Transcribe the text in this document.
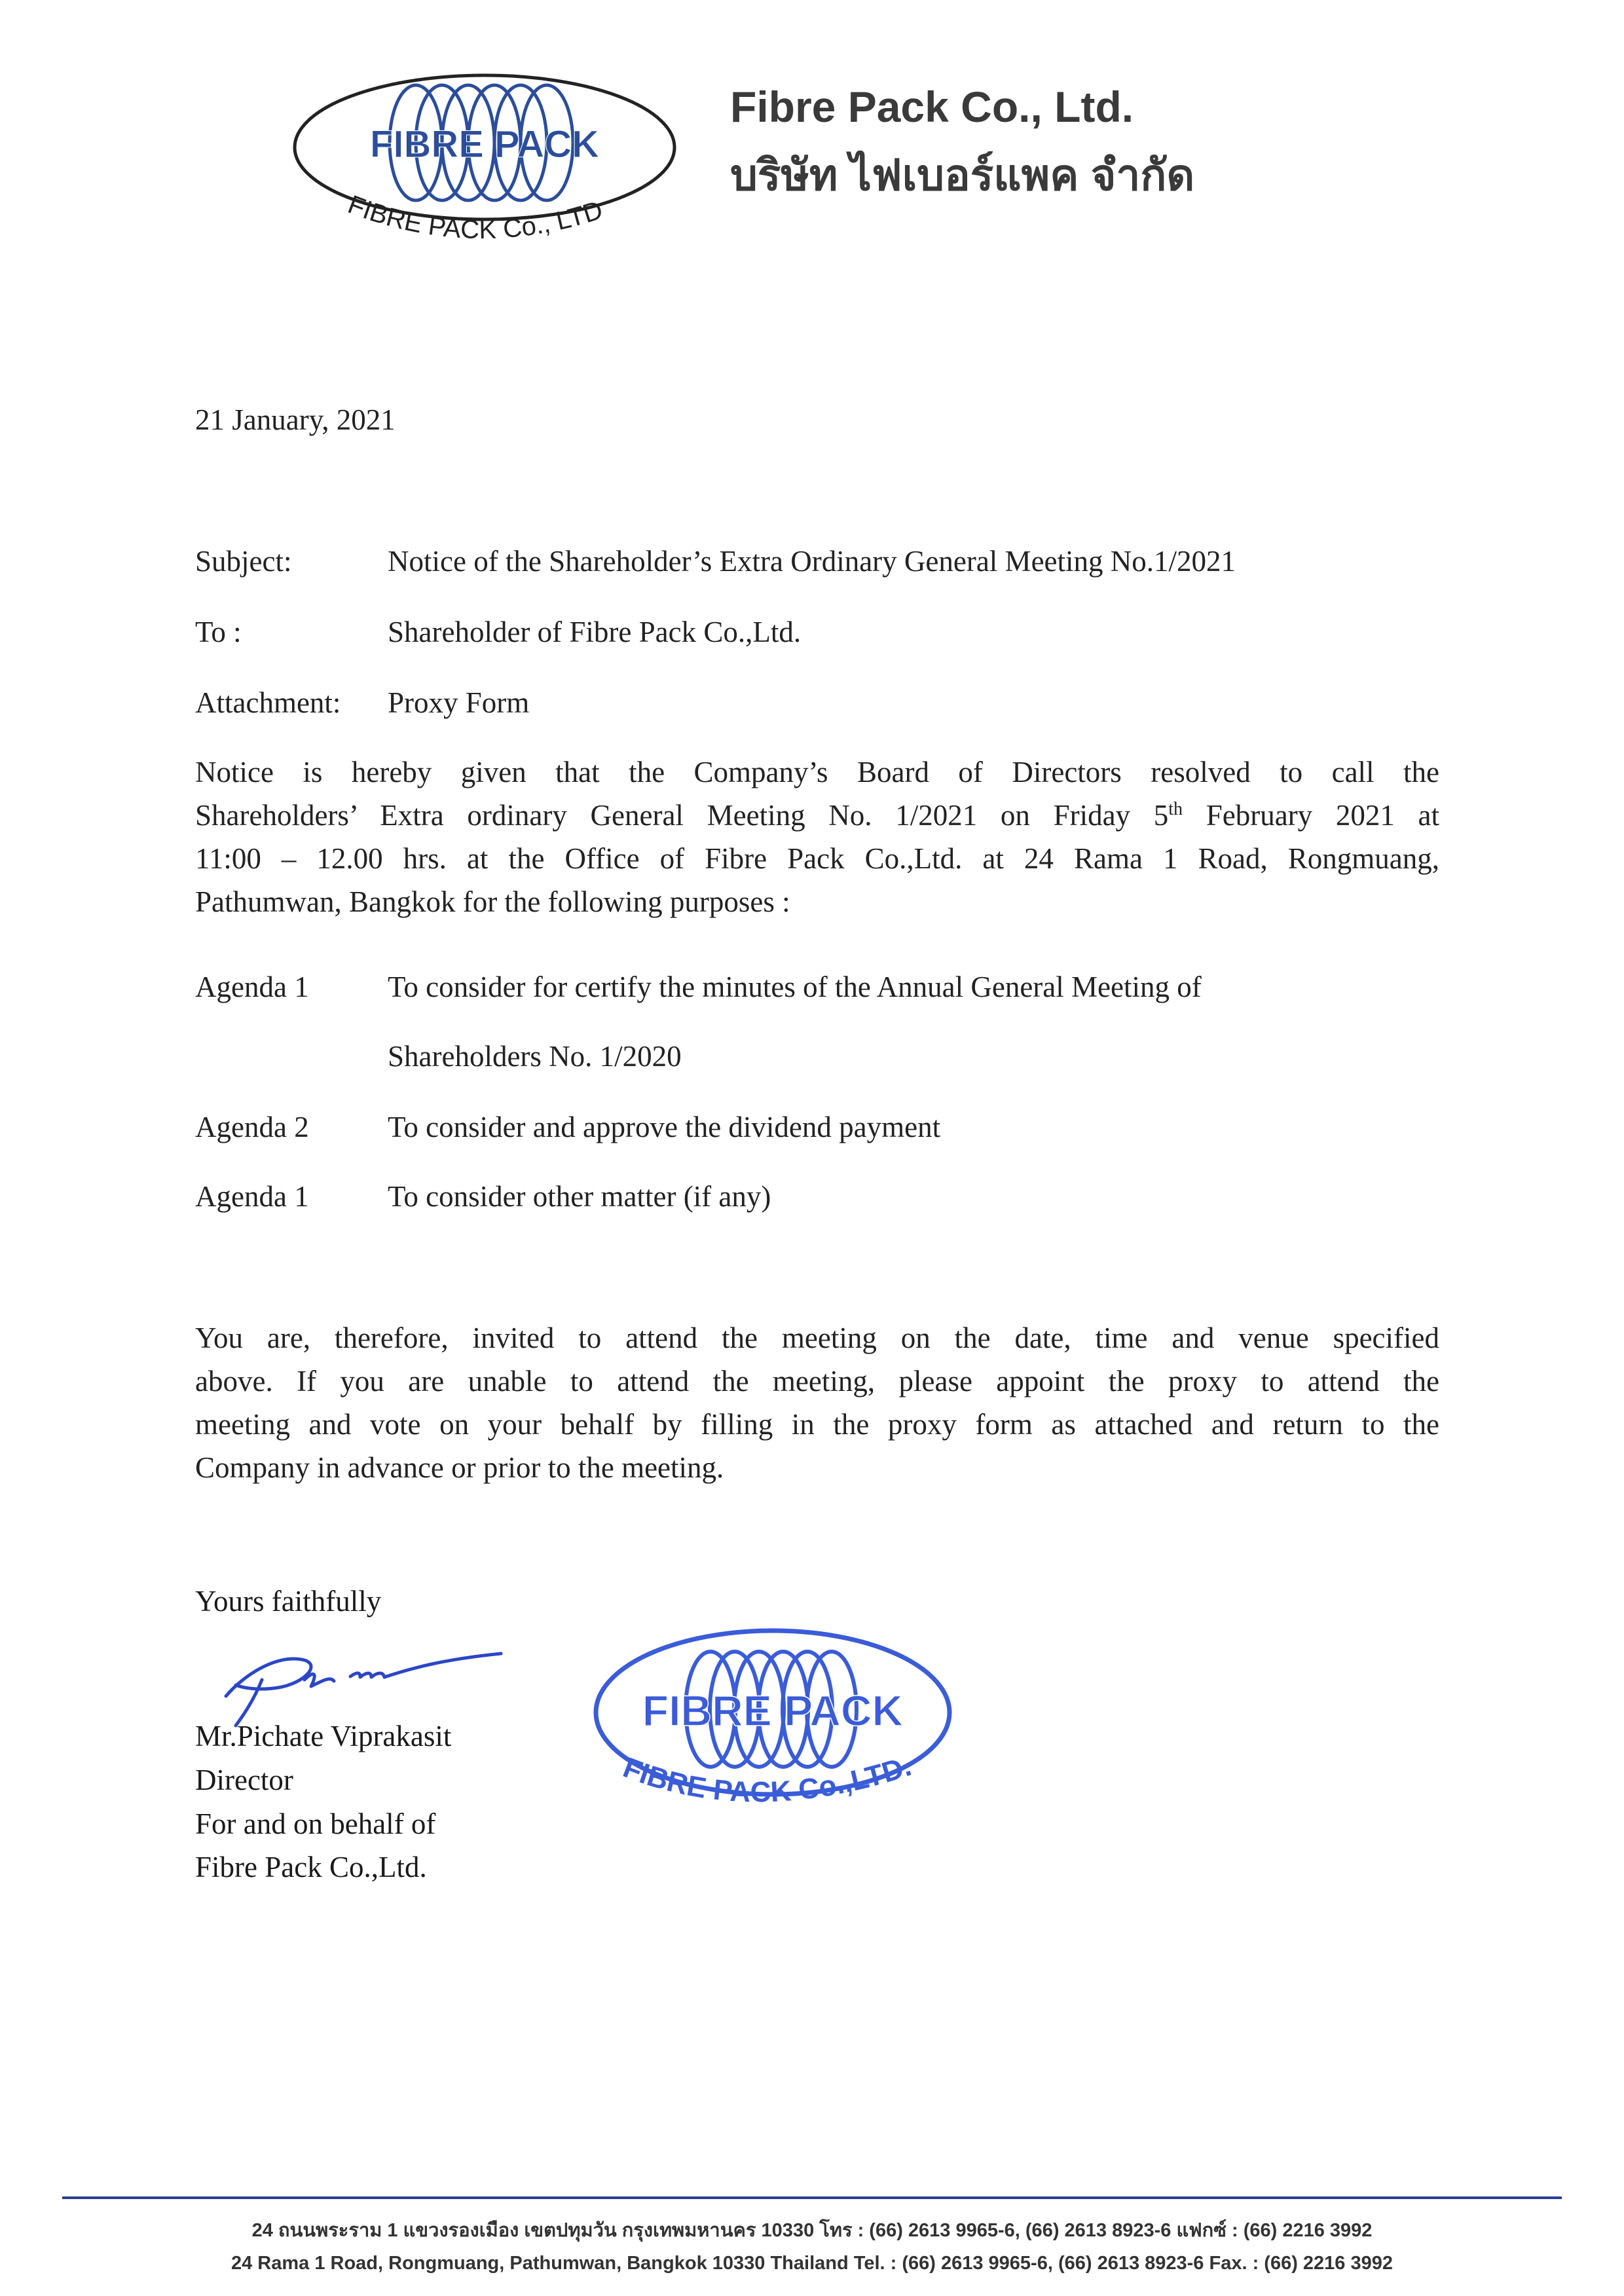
FIBRE PACK
FIBRE PACK Co., LTD
Fibre Pack Co., Ltd.
บริษัท ไฟเบอร์แพค จำกัด
21 January, 2021
Subject:	Notice of the Shareholder’s Extra Ordinary General Meeting No.1/2021
To :	Shareholder of Fibre Pack Co.,Ltd.
Attachment: Proxy Form
Notice is hereby given that the Company’s Board of Directors resolved to call the
Shareholders’ Extra ordinary General Meeting No. 1/2021 on Friday 5th February 2021 at
11:00 – 12.00 hrs. at the Office of Fibre Pack Co.,Ltd. at 24 Rama 1 Road, Rongmuang,
Pathumwan, Bangkok for the following purposes :
Agenda 1	To consider for certify the minutes of the Annual General Meeting of
Shareholders No. 1/2020
Agenda 2	To consider and approve the dividend payment
Agenda 1	To consider other matter (if any)
You are, therefore, invited to attend the meeting on the date, time and venue specified
above. If you are unable to attend the meeting, please appoint the proxy to attend the
meeting and vote on your behalf by filling in the proxy form as attached and return to the
Company in advance or prior to the meeting.
Yours faithfully
Mr.Pichate Viprakasit
Director
For and on behalf of
Fibre Pack Co.,Ltd.
FIBRE PACK
FIBRE PACK Co.,LTD.
24 ถนนพระราม 1 แขวงรองเมือง เขตปทุมวัน กรุงเทพมหานคร 10330 โทร : (66) 2613 9965-6, (66) 2613 8923-6 แฟกซ์ : (66) 2216 3992
24 Rama 1 Road, Rongmuang, Pathumwan, Bangkok 10330 Thailand Tel. : (66) 2613 9965-6, (66) 2613 8923-6 Fax. : (66) 2216 3992
